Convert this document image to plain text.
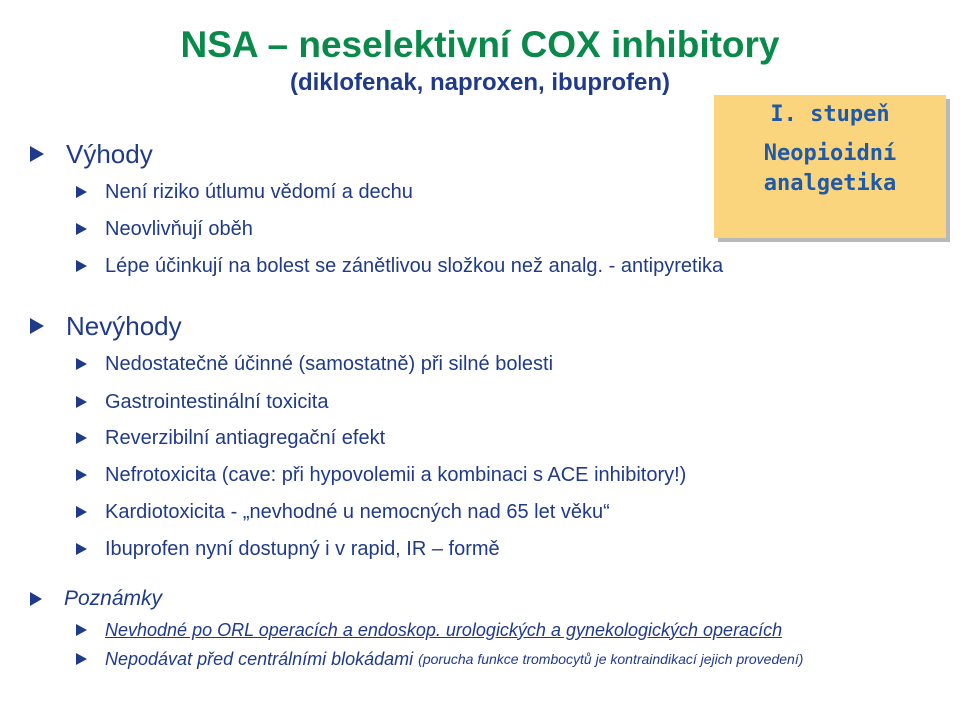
NSA – neselektivní COX inhibitory
(diklofenak, naproxen, ibuprofen)
I. stupeň
Neopioidní
analgetika
Výhody
Není riziko útlumu vědomí a dechu
Neovlivňují oběh
Lépe účinkují na bolest se zánětlivou složkou než analg. - antipyretika
Nevýhody
Nedostatečně účinné (samostatně) při silné bolesti
Gastrointestinální toxicita
Reverzibilní antiagregační efekt
Nefrotoxicita (cave: při hypovolemii a kombinaci s ACE inhibitory!)
Kardiotoxicita - „nevhodné u nemocných nad 65 let věku“
Ibuprofen nyní dostupný i v rapid, IR – formě
Poznámky
Nevhodné po ORL operacích a endoskop. urologických a gynekologických operacích
Nepodávat před centrálními blokádami (porucha funkce trombocytů je kontraindikací jejich provedení)
